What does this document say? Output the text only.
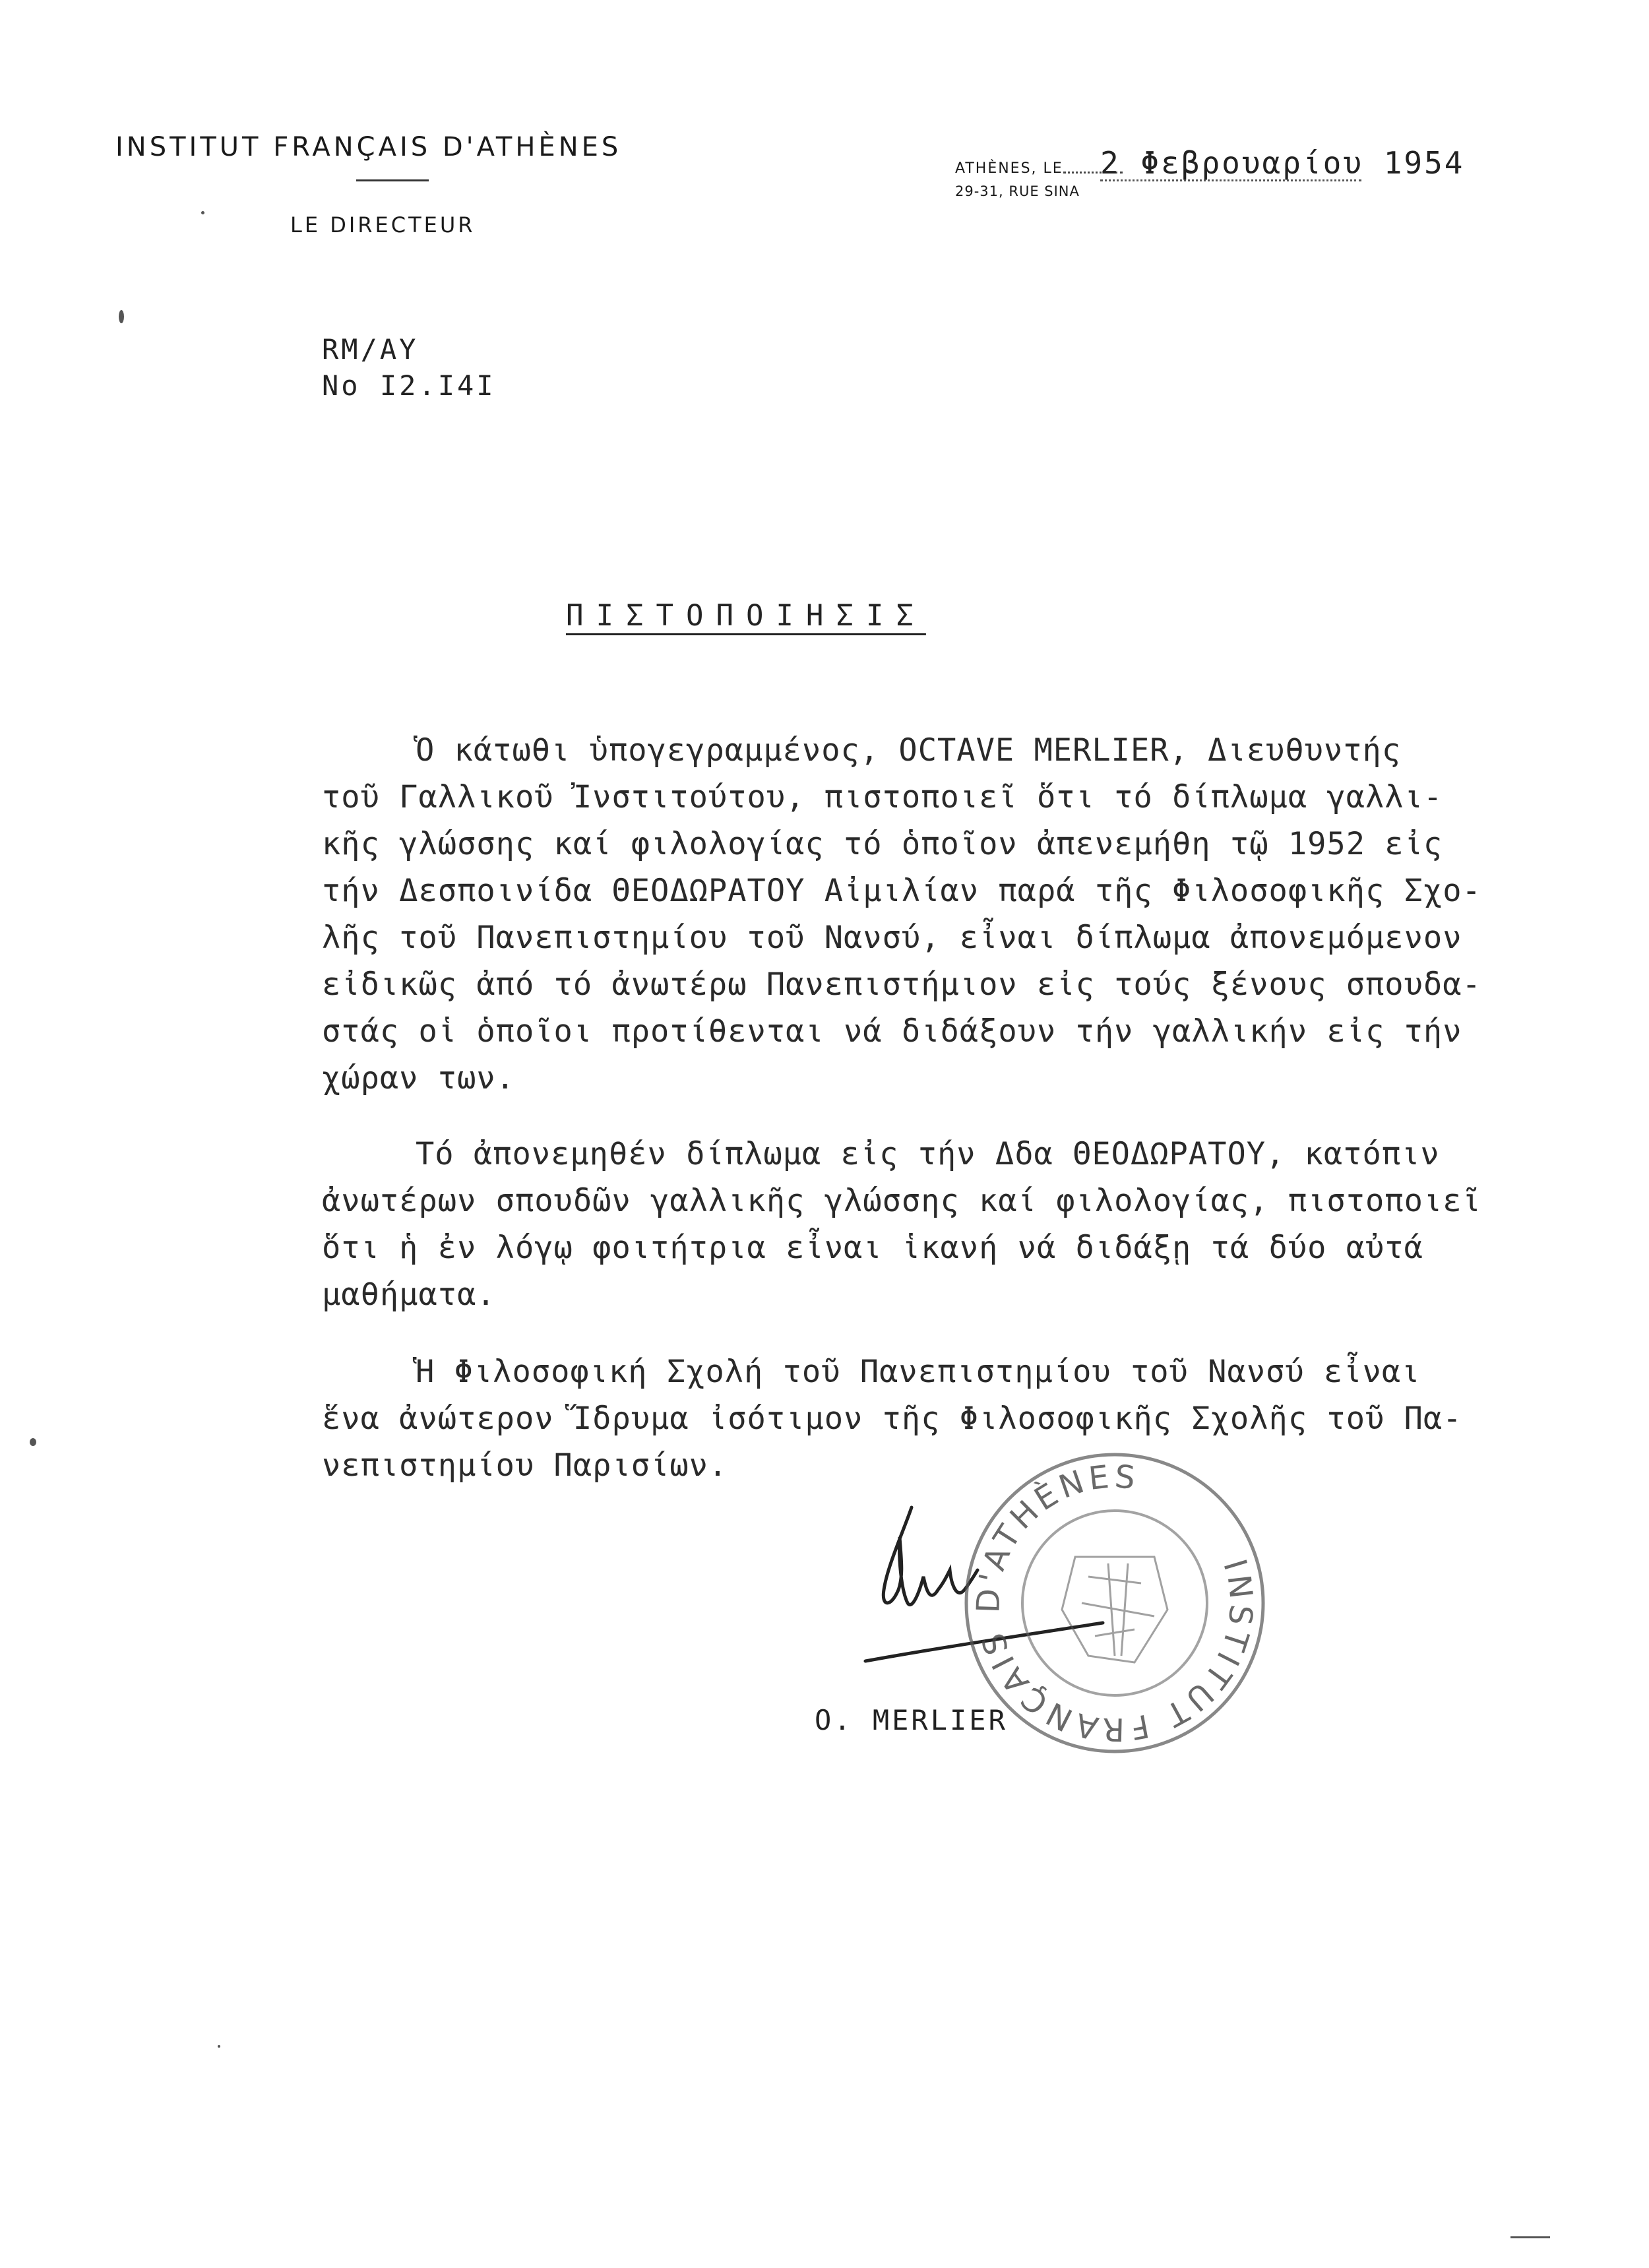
INSTITUT FRANÇAIS D'ATHÈNES
LE DIRECTEUR
ATHÈNES, LE
29-31, RUE SINA
2 Φεβρουαρίου 1954
RM/AY
No I2.I4I
ΠΙΣΤΟΠΟΙΗΣΙΣ
Ὁ κάτωθι ὑπογεγραμμένος, OCTAVE MERLIER, Διευθυντής
τοῦ Γαλλικοῦ Ἰνστιτούτου, πιστοποιεῖ ὅτι τό δίπλωμα γαλλι-
κῆς γλώσσης καί φιλολογίας τό ὁποῖον ἀπενεμήθη τῷ 1952 εἰς
τήν Δεσποινίδα ΘΕΟΔΩΡΑΤΟΥ Αἰμιλίαν παρά τῆς Φιλοσοφικῆς Σχο-
λῆς τοῦ Πανεπιστημίου τοῦ Νανσύ, εἶναι δίπλωμα ἀπονεμόμενον
εἰδικῶς ἀπό τό ἀνωτέρω Πανεπιστήμιον εἰς τούς ξένους σπουδα-
στάς οἱ ὁποῖοι προτίθενται νά διδάξουν τήν γαλλικήν εἰς τήν
χώραν των.
Τό ἀπονεμηθέν δίπλωμα εἰς τήν Δδα ΘΕΟΔΩΡΑΤΟΥ, κατόπιν
ἀνωτέρων σπουδῶν γαλλικῆς γλώσσης καί φιλολογίας, πιστοποιεῖ
ὅτι ἡ ἐν λόγῳ φοιτήτρια εἶναι ἱκανή νά διδάξῃ τά δύο αὐτά
μαθήματα.
Ἡ Φιλοσοφική Σχολή τοῦ Πανεπιστημίου τοῦ Νανσύ εἶναι
ἕνα ἀνώτερον Ἵδρυμα ἰσότιμον τῆς Φιλοσοφικῆς Σχολῆς τοῦ Πα-
νεπιστημίου Παρισίων.
INSTITUT FRANÇAIS D'ATHÈNES
O. MERLIER
